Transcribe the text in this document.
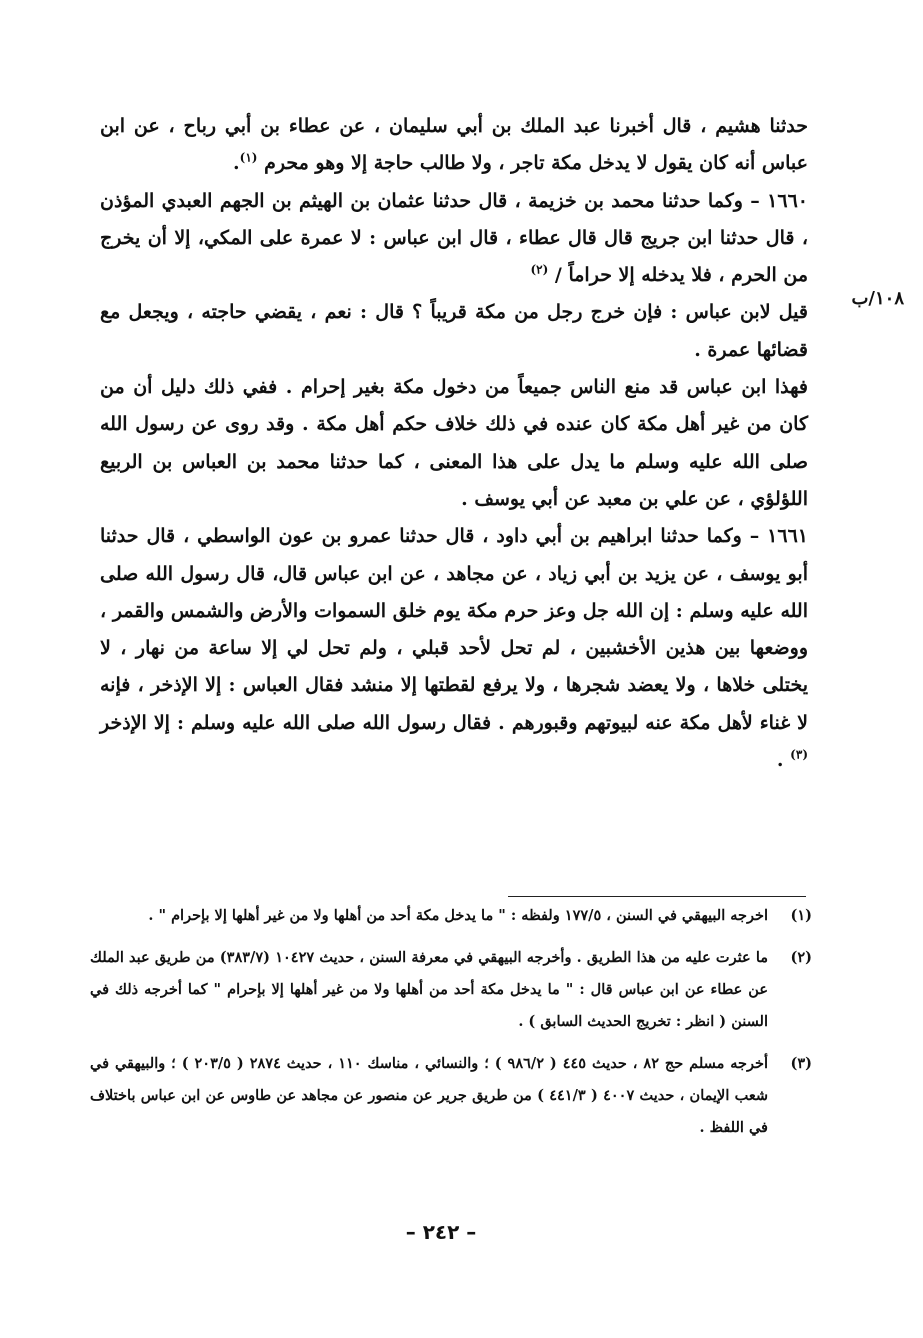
حدثنا هشيم ، قال أخبرنا عبد الملك بن أبي سليمان ، عن عطاء بن أبي رباح ، عن ابن عباس أنه كان يقول لا يدخل مكة تاجر ، ولا طالب حاجة إلا وهو محرم $^{(١)}$.

١٦٦٠ – وكما حدثنا محمد بن خزيمة ، قال حدثنا عثمان بن الهيثم بن الجهم العبدي المؤذن ، قال حدثنا ابن جريج قال قال عطاء ، قال ابن عباس : لا عمرة على المكي، إلا أن يخرج من الحرم ، فلا يدخله إلا حراماً / $^{(٢)}$

قيل لابن عباس : فإن خرج رجل من مكة قريباً ؟ قال : نعم ، يقضي حاجته ، ويجعل مع قضائها عمرة .

فهذا ابن عباس قد منع الناس جميعاً من دخول مكة بغير إحرام . ففي ذلك دليل أن من كان من غير أهل مكة كان عنده في ذلك خلاف حكم أهل مكة . وقد روى عن رسول الله صلى الله عليه وسلم ما يدل على هذا المعنى ، كما حدثنا محمد بن العباس بن الربيع اللؤلؤي ، عن علي بن معبد عن أبي يوسف .

١٦٦١ – وكما حدثنا ابراهيم بن أبي داود ، قال حدثنا عمرو بن عون الواسطي ، قال حدثنا أبو يوسف ، عن يزيد بن أبي زياد ، عن مجاهد ، عن ابن عباس قال، قال رسول الله صلى الله عليه وسلم : إن الله جل وعز حرم مكة يوم خلق السموات والأرض والشمس والقمر ، ووضعها بين هذين الأخشبين ، لم تحل لأحد قبلي ، ولم تحل لي إلا ساعة من نهار ، لا يختلى خلاها ، ولا يعضد شجرها ، ولا يرفع لقطتها إلا منشد فقال العباس : إلا الإذخر ، فإنه لا غناء لأهل مكة عنه لبيوتهم وقبورهم . فقال رسول الله صلى الله عليه وسلم : إلا الإذخر $^{(٣)}$ .

١٠٨/ب
(١)
اخرجه البيهقي في السنن ، ١٧٧/٥ ولفظه : " ما يدخل مكة أحد من أهلها ولا من غير أهلها إلا بإحرام " .
(٢)
ما عثرت عليه من هذا الطريق . وأخرجه البيهقي في معرفة السنن ، حديث ١٠٤٢٧ (٣٨٣/٧) من طريق عبد الملك عن عطاء عن ابن عباس قال : " ما يدخل مكة أحد من أهلها ولا من غير أهلها إلا بإحرام " كما أخرجه ذلك في السنن ( انظر : تخريج الحديث السابق ) .
(٣)
أخرجه مسلم حج ٨٢ ، حديث ٤٤٥ ( ٩٨٦/٢ ) ؛ والنسائي ، مناسك ١١٠ ، حديث ٢٨٧٤ ( ٢٠٣/٥ ) ؛ والبيهقي في شعب الإيمان ، حديث ٤٠٠٧ ( ٤٤١/٣ ) من طريق جرير عن منصور عن مجاهد عن طاوس عن ابن عباس باختلاف في اللفظ .
– ٢٤٢ –
